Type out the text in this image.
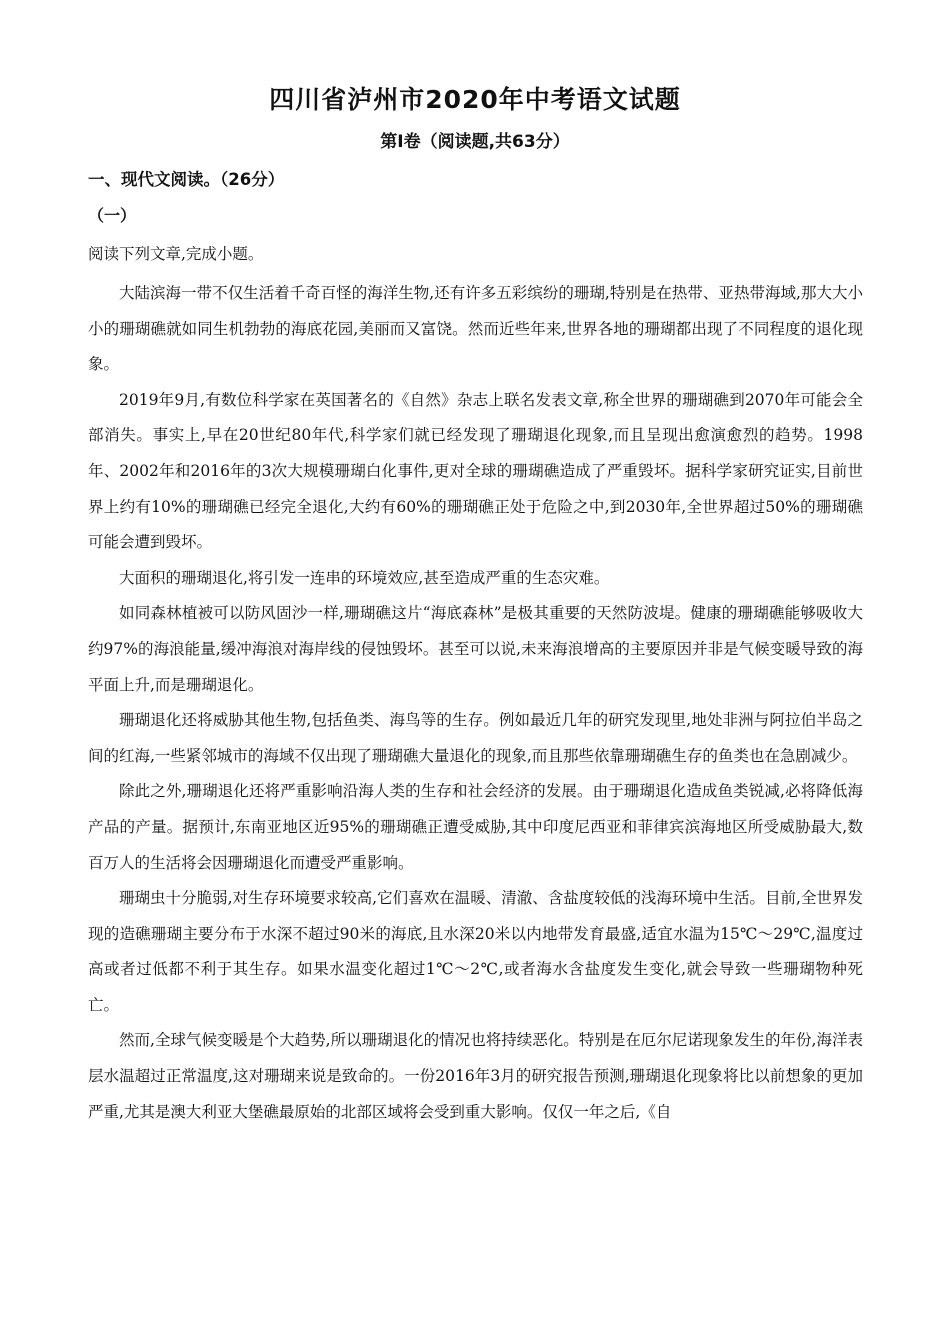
四川省泸州市2020年中考语文试题
第Ⅰ卷（阅读题,共63分）
一、现代文阅读。（26分）
（一）
阅读下列文章,完成小题。

大陆滨海一带不仅生活着千奇百怪的海洋生物,还有许多五彩缤纷的珊瑚,特别是在热带、亚热带海域,那大大小小的珊瑚礁就如同生机勃勃的海底花园,美丽而又富饶。然而近些年来,世界各地的珊瑚都出现了不同程度的退化现象。

2019年9月,有数位科学家在英国著名的《自然》杂志上联名发表文章,称全世界的珊瑚礁到2070年可能会全部消失。事实上,早在20世纪80年代,科学家们就已经发现了珊瑚退化现象,而且呈现出愈演愈烈的趋势。1998年、2002年和2016年的3次大规模珊瑚白化事件,更对全球的珊瑚礁造成了严重毁坏。据科学家研究证实,目前世界上约有10%的珊瑚礁已经完全退化,大约有60%的珊瑚礁正处于危险之中,到2030年,全世界超过50%的珊瑚礁可能会遭到毁坏。

大面积的珊瑚退化,将引发一连串的环境效应,甚至造成严重的生态灾难。

如同森林植被可以防风固沙一样,珊瑚礁这片“海底森林”是极其重要的天然防波堤。健康的珊瑚礁能够吸收大约97%的海浪能量,缓冲海浪对海岸线的侵蚀毁坏。甚至可以说,未来海浪增高的主要原因并非是气候变暖导致的海平面上升,而是珊瑚退化。

珊瑚退化还将威胁其他生物,包括鱼类、海鸟等的生存。例如最近几年的研究发现里,地处非洲与阿拉伯半岛之间的红海,一些紧邻城市的海域不仅出现了珊瑚礁大量退化的现象,而且那些依靠珊瑚礁生存的鱼类也在急剧减少。

除此之外,珊瑚退化还将严重影响沿海人类的生存和社会经济的发展。由于珊瑚退化造成鱼类锐减,必将降低海产品的产量。据预计,东南亚地区近95%的珊瑚礁正遭受威胁,其中印度尼西亚和菲律宾滨海地区所受威胁最大,数百万人的生活将会因珊瑚退化而遭受严重影响。

珊瑚虫十分脆弱,对生存环境要求较高,它们喜欢在温暖、清澈、含盐度较低的浅海环境中生活。目前,全世界发现的造礁珊瑚主要分布于水深不超过90米的海底,且水深20米以内地带发育最盛,适宜水温为15℃～29℃,温度过高或者过低都不利于其生存。如果水温变化超过1℃～2℃,或者海水含盐度发生变化,就会导致一些珊瑚物种死亡。

然而,全球气候变暖是个大趋势,所以珊瑚退化的情况也将持续恶化。特别是在厄尔尼诺现象发生的年份,海洋表层水温超过正常温度,这对珊瑚来说是致命的。一份2016年3月的研究报告预测,珊瑚退化现象将比以前想象的更加严重,尤其是澳大利亚大堡礁最原始的北部区域将会受到重大影响。仅仅一年之后,《自
